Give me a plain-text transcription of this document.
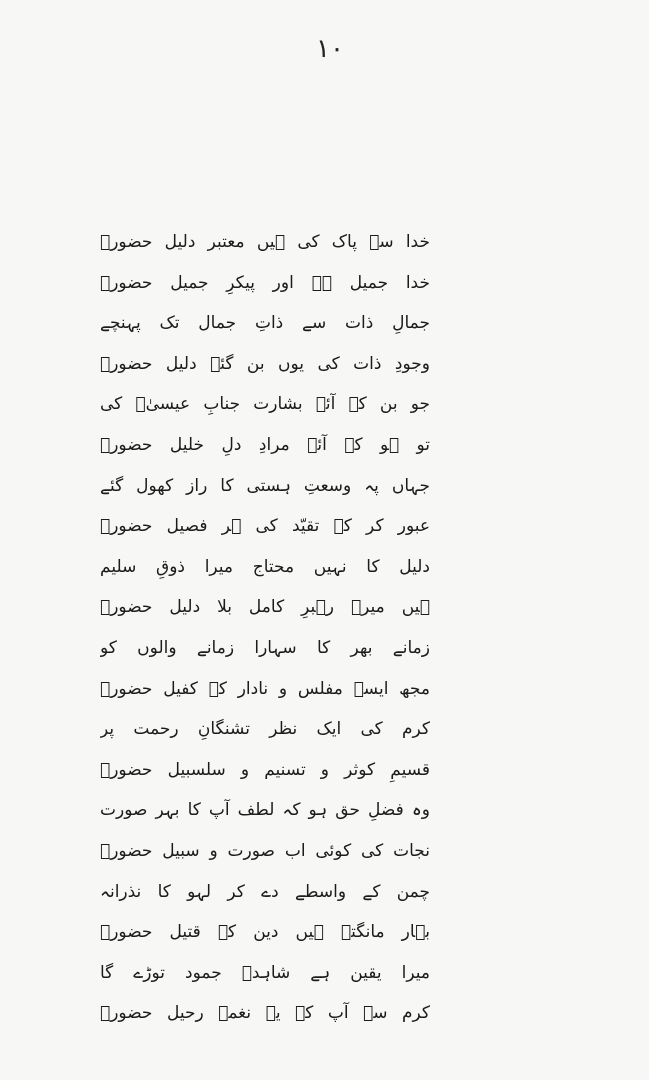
۱۰
خدا سے پاک کی ہیں معتبر دلیل حضورؐ
خدا جمیل ہے اور پیکرِ جمیل حضورؐ
جمالِ ذات سے ذاتِ جمال تک پہنچے
وجودِ ذات کی یوں بن گئے دلیل حضورؐ
جو بن کے آئے بشارت جنابِ عیسیٰؑ کی
تو ہو کے آئے مرادِ دلِ خلیل حضورؐ
جہاں پہ وسعتِ ہستی کا راز کھول گئے
عبور کر کے تقیّد کی ہر فصیل حضورؐ
دلیل کا نہیں محتاج میرا ذوقِ سلیم
ہیں میرے رہبرِ کامل بلا دلیل حضورؐ
زمانے بھر کا سہارا زمانے والوں کو
مجھ ایسے مفلس و نادار کے کفیل حضورؐ
کرم کی ایک نظر تشنگانِ رحمت پر
قسیمِ کوثر و تسنیم و سلسبیل حضورؐ
وہ فضلِ حق ہو کہ لطف آپ کا بہر صورت
نجات کی کوئی اب صورت و سبیل حضورؐ
چمن کے واسطے دے کر لہو کا نذرانہ
بہار مانگتے ہیں دین کے قتیل حضورؐ
میرا یقین ہے شاہدؔ جمود توڑے گا
کرم سے آپ کے یہ نغمۂ رحیل حضورؐ
